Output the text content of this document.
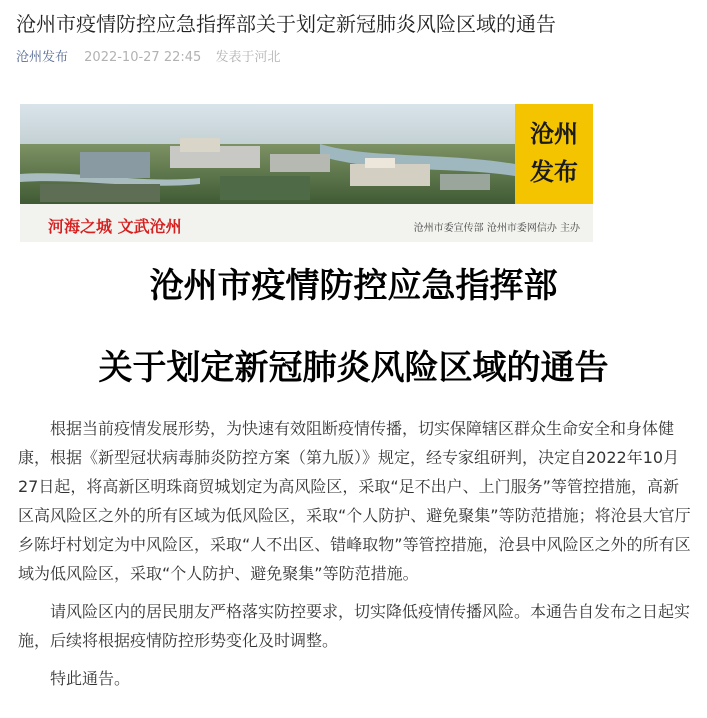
沧州市疫情防控应急指挥部关于划定新冠肺炎风险区域的通告
沧州发布 2022-10-27 22:45 发表于河北
沧州
发布
河海之城 文武沧州	沧州市委宣传部 沧州市委网信办 主办
沧州市疫情防控应急指挥部
关于划定新冠肺炎风险区域的通告

根据当前疫情发展形势，为快速有效阻断疫情传播，切实保障辖区群众生命安全和身体健康，根据《新型冠状病毒肺炎防控方案（第九版）》规定，经专家组研判，决定自2022年10月27日起，将高新区明珠商贸城划定为高风险区，采取“足不出户、上门服务”等管控措施，高新区高风险区之外的所有区域为低风险区，采取“个人防护、避免聚集”等防范措施；将沧县大官厅乡陈圩村划定为中风险区，采取“人不出区、错峰取物”等管控措施，沧县中风险区之外的所有区域为低风险区，采取“个人防护、避免聚集”等防范措施。

请风险区内的居民朋友严格落实防控要求，切实降低疫情传播风险。本通告自发布之日起实施，后续将根据疫情防控形势变化及时调整。

特此通告。
